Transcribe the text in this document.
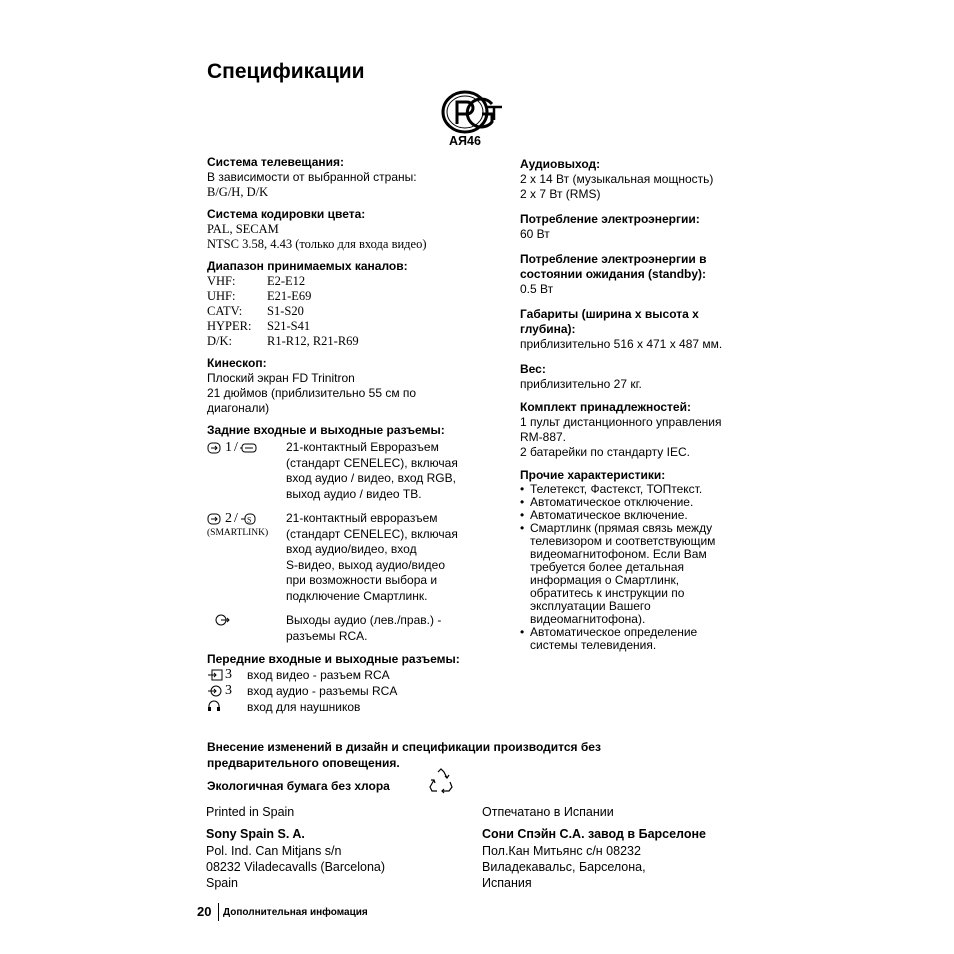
Спецификации
АЯ46
Система телевещания:
В зависимости от выбранной страны:
B/G/H, D/K
Система кодировки цвета:
PAL, SECAM
NTSC 3.58, 4.43 (только для входа видео)
Диапазон принимаемых каналов:
VHF:	E2-E12
UHF:	E21-E69
CATV:	S1-S20
HYPER:	S21-S41
D/K:	R1-R12, R21-R69
Кинескоп:
Плоский экран FD Trinitron
21 дюймов (приблизительно 55 см по
диагонали)
Задние входные и выходные разъемы:
1 /	21-контактный Евроразъем
(стандарт CENELEC), включая
вход аудио / видео, вход RGB,
выход аудио / видео ТВ.
2 / S
(SMARTLINK)
21-контактный евроразъем
(стандарт CENELEC), включая
вход аудио/видео, вход
S-видео, выход аудио/видео
при возможности выбора и
подключение Смартлинк.
Выходы аудио (лев./прав.) -
разъемы RCA.
Передние входные и выходные разъемы:
3 вход видео - разъем RCA
3 вход аудио - разъемы RCA
вход для наушников
Аудиовыход:
2 x 14 Вт (музыкальная мощность)
2 x 7 Вт (RMS)
Потребление электроэнергии:
60 Вт
Потребление электроэнергии в
состоянии ожидания (standby):
0.5 Вт
Габариты (ширина x высота x
глубина):
приблизительно 516 x 471 x 487 мм.
Вес:
приблизительно 27 кг.
Комплект принадлежностей:
1 пульт дистанционного управления
RM-887.
2 батарейки по стандарту IEC.
Прочие характеристики:
• Телетекст, Фастекст, ТОПтекст.
• Автоматическое отключение.
• Автоматическое включение.
• Смартлинк (прямая связь между
телевизором и соответствующим
видеомагнитофоном. Если Вам
требуется более детальная
информация о Смартлинк,
обратитесь к инструкции по
эксплуатации Вашего
видеомагнитофона).
• Автоматическое определение
системы телевидения.
Внесение изменений в дизайн и спецификации производится без
предварительного оповещения.
Экологичная бумага без хлора
Printed in Spain
Sony Spain S. A.
Pol. Ind. Can Mitjans s/n
08232 Viladecavalls (Barcelona)
Spain
Отпечатано в Испании
Сони Спэйн С.А. завод в Барселоне
Пол.Кан Митьянс с/н 08232
Виладекавальс, Барселона,
Испания
20 Дополнительная инфомация
